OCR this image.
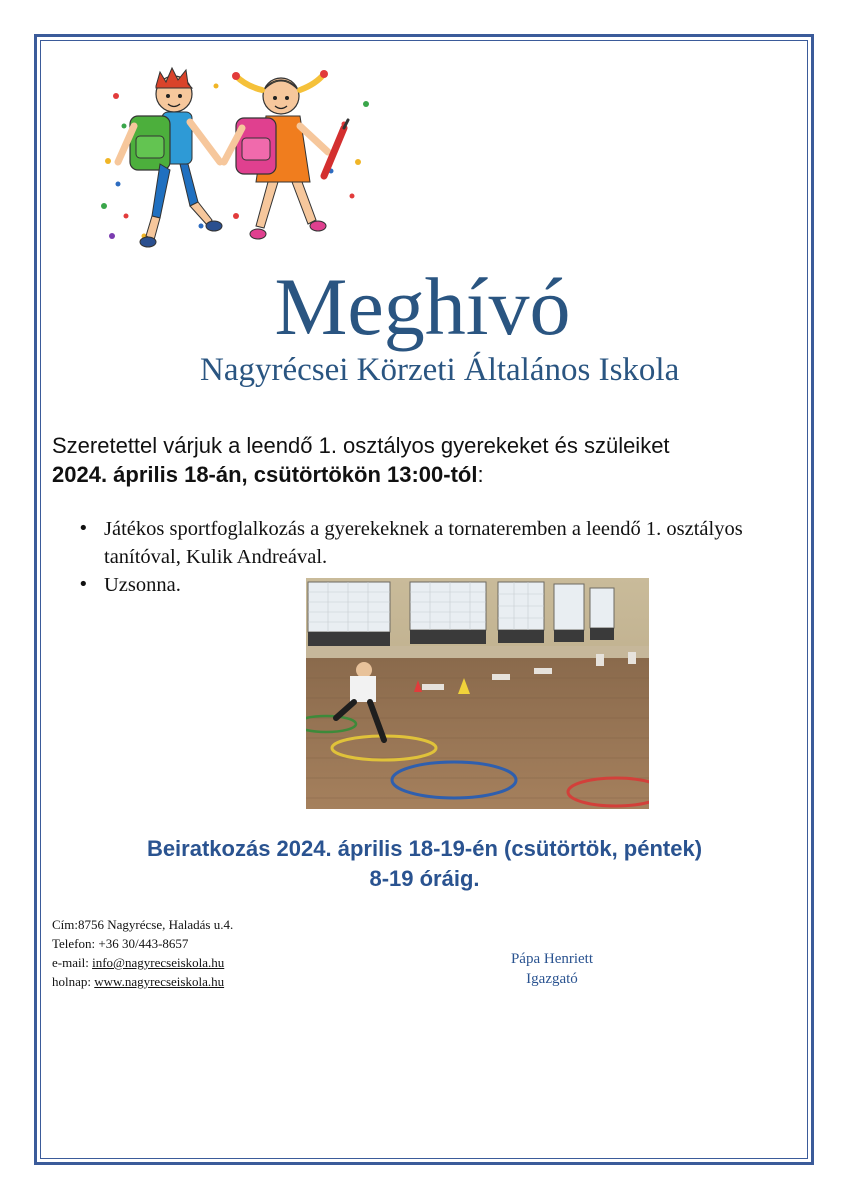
Meghívó
Nagyrécsei Körzeti Általános Iskola
Szeretettel várjuk a leendő 1. osztályos gyerekeket és szüleiket
2024. április 18-án, csütörtökön 13:00-tól:
• Játékos sportfoglalkozás a gyerekeknek a tornateremben a leendő 1. osztályos tanítóval, Kulik Andreával.
• Uzsonna.
Beiratkozás 2024. április 18-19-én (csütörtök, péntek)
8-19 óráig.
Cím:8756 Nagyrécse, Haladás u.4.
Telefon: +36 30/443-8657
e-mail: info@nagyrecseiskola.hu
holnap: www.nagyrecseiskola.hu
Pápa Henriett
Igazgató
